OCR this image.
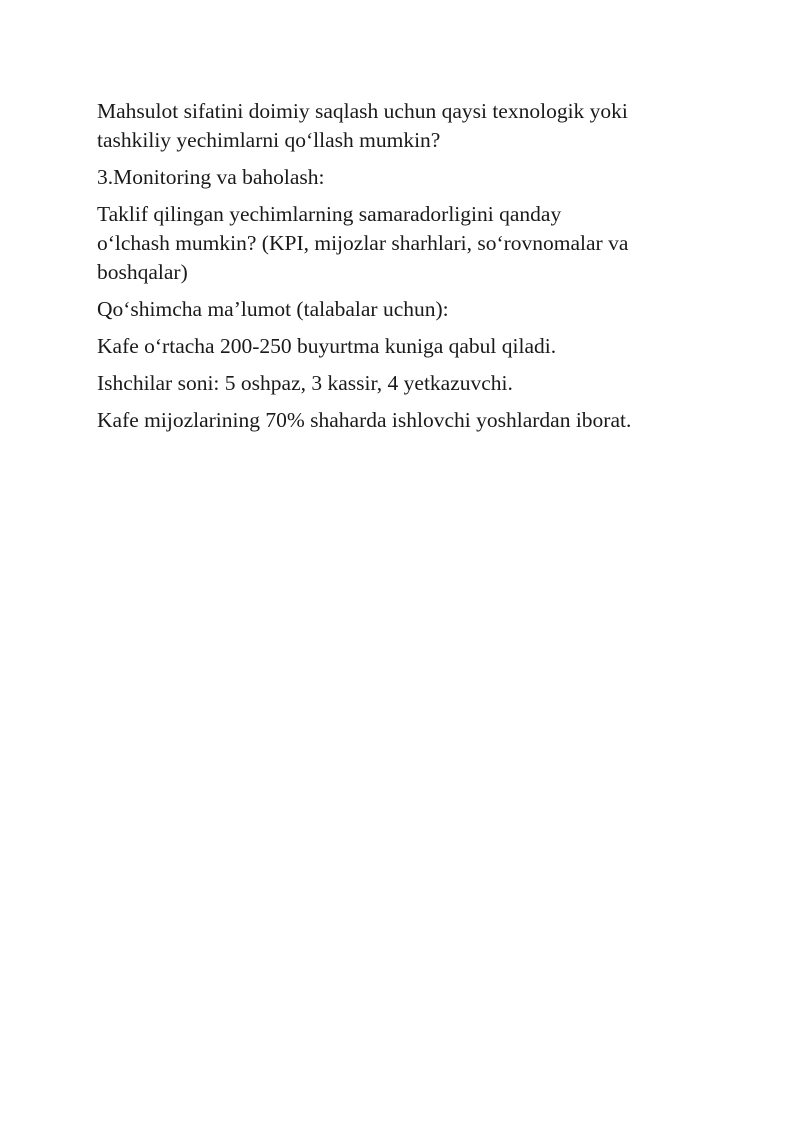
Mahsulot sifatini doimiy saqlash uchun qaysi texnologik yoki
tashkiliy yechimlarni qo‘llash mumkin?

3.Monitoring va baholash:

Taklif qilingan yechimlarning samaradorligini qanday
o‘lchash mumkin? (KPI, mijozlar sharhlari, so‘rovnomalar va
boshqalar)

Qo‘shimcha ma’lumot (talabalar uchun):

Kafe o‘rtacha 200-250 buyurtma kuniga qabul qiladi.

Ishchilar soni: 5 oshpaz, 3 kassir, 4 yetkazuvchi.

Kafe mijozlarining 70% shaharda ishlovchi yoshlardan iborat.
